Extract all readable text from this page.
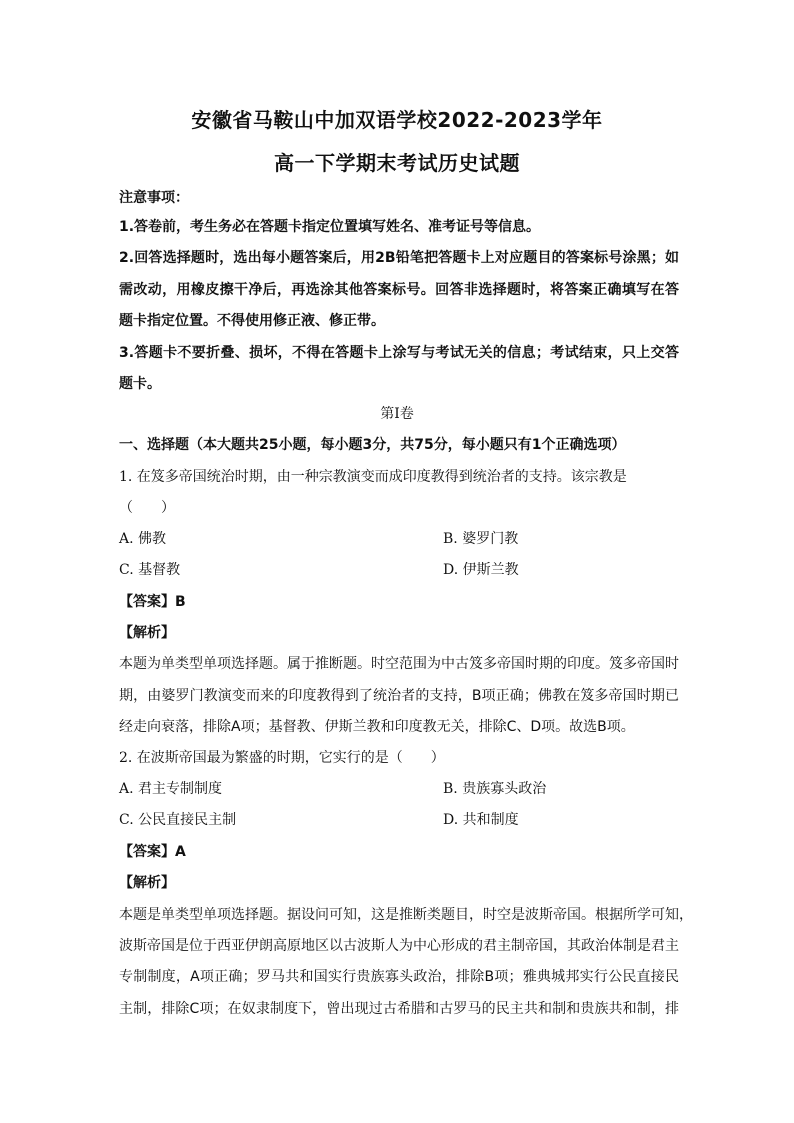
安徽省马鞍山中加双语学校2022-2023学年
高一下学期末考试历史试题
注意事项：
1.答卷前，考生务必在答题卡指定位置填写姓名、准考证号等信息。
2.回答选择题时，选出每小题答案后，用2B铅笔把答题卡上对应题目的答案标号涂黑；如
需改动，用橡皮擦干净后，再选涂其他答案标号。回答非选择题时，将答案正确填写在答
题卡指定位置。不得使用修正液、修正带。
3.答题卡不要折叠、损坏，不得在答题卡上涂写与考试无关的信息；考试结束，只上交答
题卡。
第I卷
一、选择题（本大题共25小题，每小题3分，共75分，每小题只有1个正确选项）
1. 在笈多帝国统治时期，由一种宗教演变而成印度教得到统治者的支持。该宗教是
（　　）
A. 佛教	B. 婆罗门教
C. 基督教	D. 伊斯兰教
【答案】B
【解析】
本题为单类型单项选择题。属于推断题。时空范围为中古笈多帝国时期的印度。笈多帝国时
期，由婆罗门教演变而来的印度教得到了统治者的支持，B项正确；佛教在笈多帝国时期已
经走向衰落，排除A项；基督教、伊斯兰教和印度教无关，排除C、D项。故选B项。
2. 在波斯帝国最为繁盛的时期，它实行的是（　　）
A. 君主专制制度	B. 贵族寡头政治
C. 公民直接民主制	D. 共和制度
【答案】A
【解析】
本题是单类型单项选择题。据设问可知，这是推断类题目，时空是波斯帝国。根据所学可知，
波斯帝国是位于西亚伊朗高原地区以古波斯人为中心形成的君主制帝国，其政治体制是君主
专制制度，A项正确；罗马共和国实行贵族寡头政治，排除B项；雅典城邦实行公民直接民
主制，排除C项；在奴隶制度下，曾出现过古希腊和古罗马的民主共和制和贵族共和制，排
